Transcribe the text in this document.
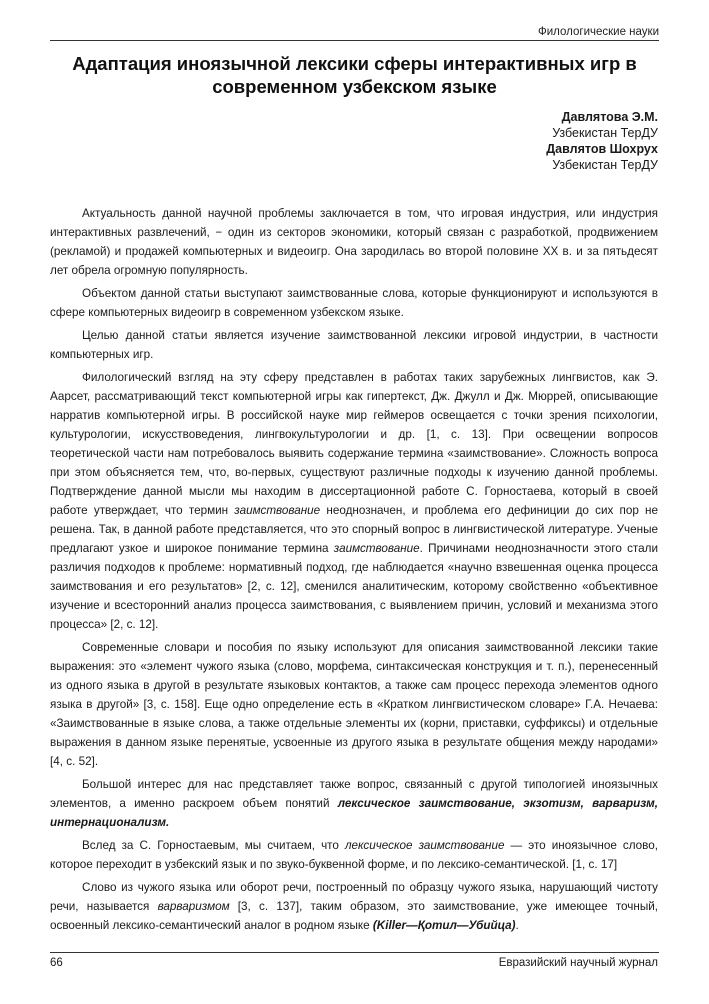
Филологические науки
Адаптация иноязычной лексики сферы интерактивных игр в современном узбекском языке
Давлятова Э.М.
Узбекистан ТерДУ
Давлятов Шохрух
Узбекистан ТерДУ

Актуальность данной научной проблемы заключается в том, что игровая индустрия, или индустрия интерактивных развлечений, − один из секторов экономики, который связан с разработкой, продвижением (рекламой) и продажей компьютерных и видеоигр. Она зародилась во второй половине XX в. и за пятьдесят лет обрела огромную популярность.

Объектом данной статьи выступают заимствованные слова, которые функционируют и используются в сфере компьютерных видеоигр в современном узбекском языке.

Целью данной статьи является изучение заимствованной лексики игровой индустрии, в частности компьютерных игр.

Филологический взгляд на эту сферу представлен в работах таких зарубежных лингвистов, как Э. Аарсет, рассматривающий текст компьютерной игры как гипертекст, Дж. Джулл и Дж. Мюррей, описывающие нарратив компьютерной игры. В российской науке мир геймеров освещается с точки зрения психологии, культурологии, искусствоведения, лингвокультурологии и др. [1, с. 13]. При освещении вопросов теоретической части нам потребовалось выявить содержание термина «заимствование». Сложность вопроса при этом объясняется тем, что, во-первых, существуют различные подходы к изучению данной проблемы. Подтверждение данной мысли мы находим в диссертационной работе С. Горностаева, который в своей работе утверждает, что термин заимствование неоднозначен, и проблема его дефиниции до сих пор не решена. Так, в данной работе представляется, что это спорный вопрос в лингвистической литературе. Ученые предлагают узкое и широкое понимание термина заимствование. Причинами неоднозначности этого стали различия подходов к проблеме: нормативный подход, где наблюдается «научно взвешенная оценка процесса заимствования и его результатов» [2, с. 12], сменился аналитическим, которому свойственно «объективное изучение и всесторонний анализ процесса заимствования, с выявлением причин, условий и механизма этого процесса» [2, с. 12].

Современные словари и пособия по языку используют для описания заимствованной лексики такие выражения: это «элемент чужого языка (слово, морфема, синтаксическая конструкция и т. п.), перенесенный из одного языка в другой в результате языковых контактов, а также сам процесс перехода элементов одного языка в другой» [3, с. 158]. Еще одно определение есть в «Кратком лингвистическом словаре» Г.А. Нечаева: «Заимствованные в языке слова, а также отдельные элементы их (корни, приставки, суффиксы) и отдельные выражения в данном языке перенятые, усвоенные из другого языка в результате общения между народами» [4, с. 52].

Большой интерес для нас представляет также вопрос, связанный с другой типологией иноязычных элементов, а именно раскроем объем понятий лексическое заимствование, экзотизм, варваризм, интернационализм.

Вслед за С. Горностаевым, мы считаем, что лексическое заимствование — это иноязычное слово, которое переходит в узбекский язык и по звуко-буквенной форме, и по лексико-семантической. [1, с. 17]

Слово из чужого языка или оборот речи, построенный по образцу чужого языка, нарушающий чистоту речи, называется варваризмом [3, с. 137], таким образом, это заимствование, уже имеющее точный, освоенный лексико-семантический аналог в родном языке (Killer—Қотил—Убийца).

66	Евразийский научный журнал
